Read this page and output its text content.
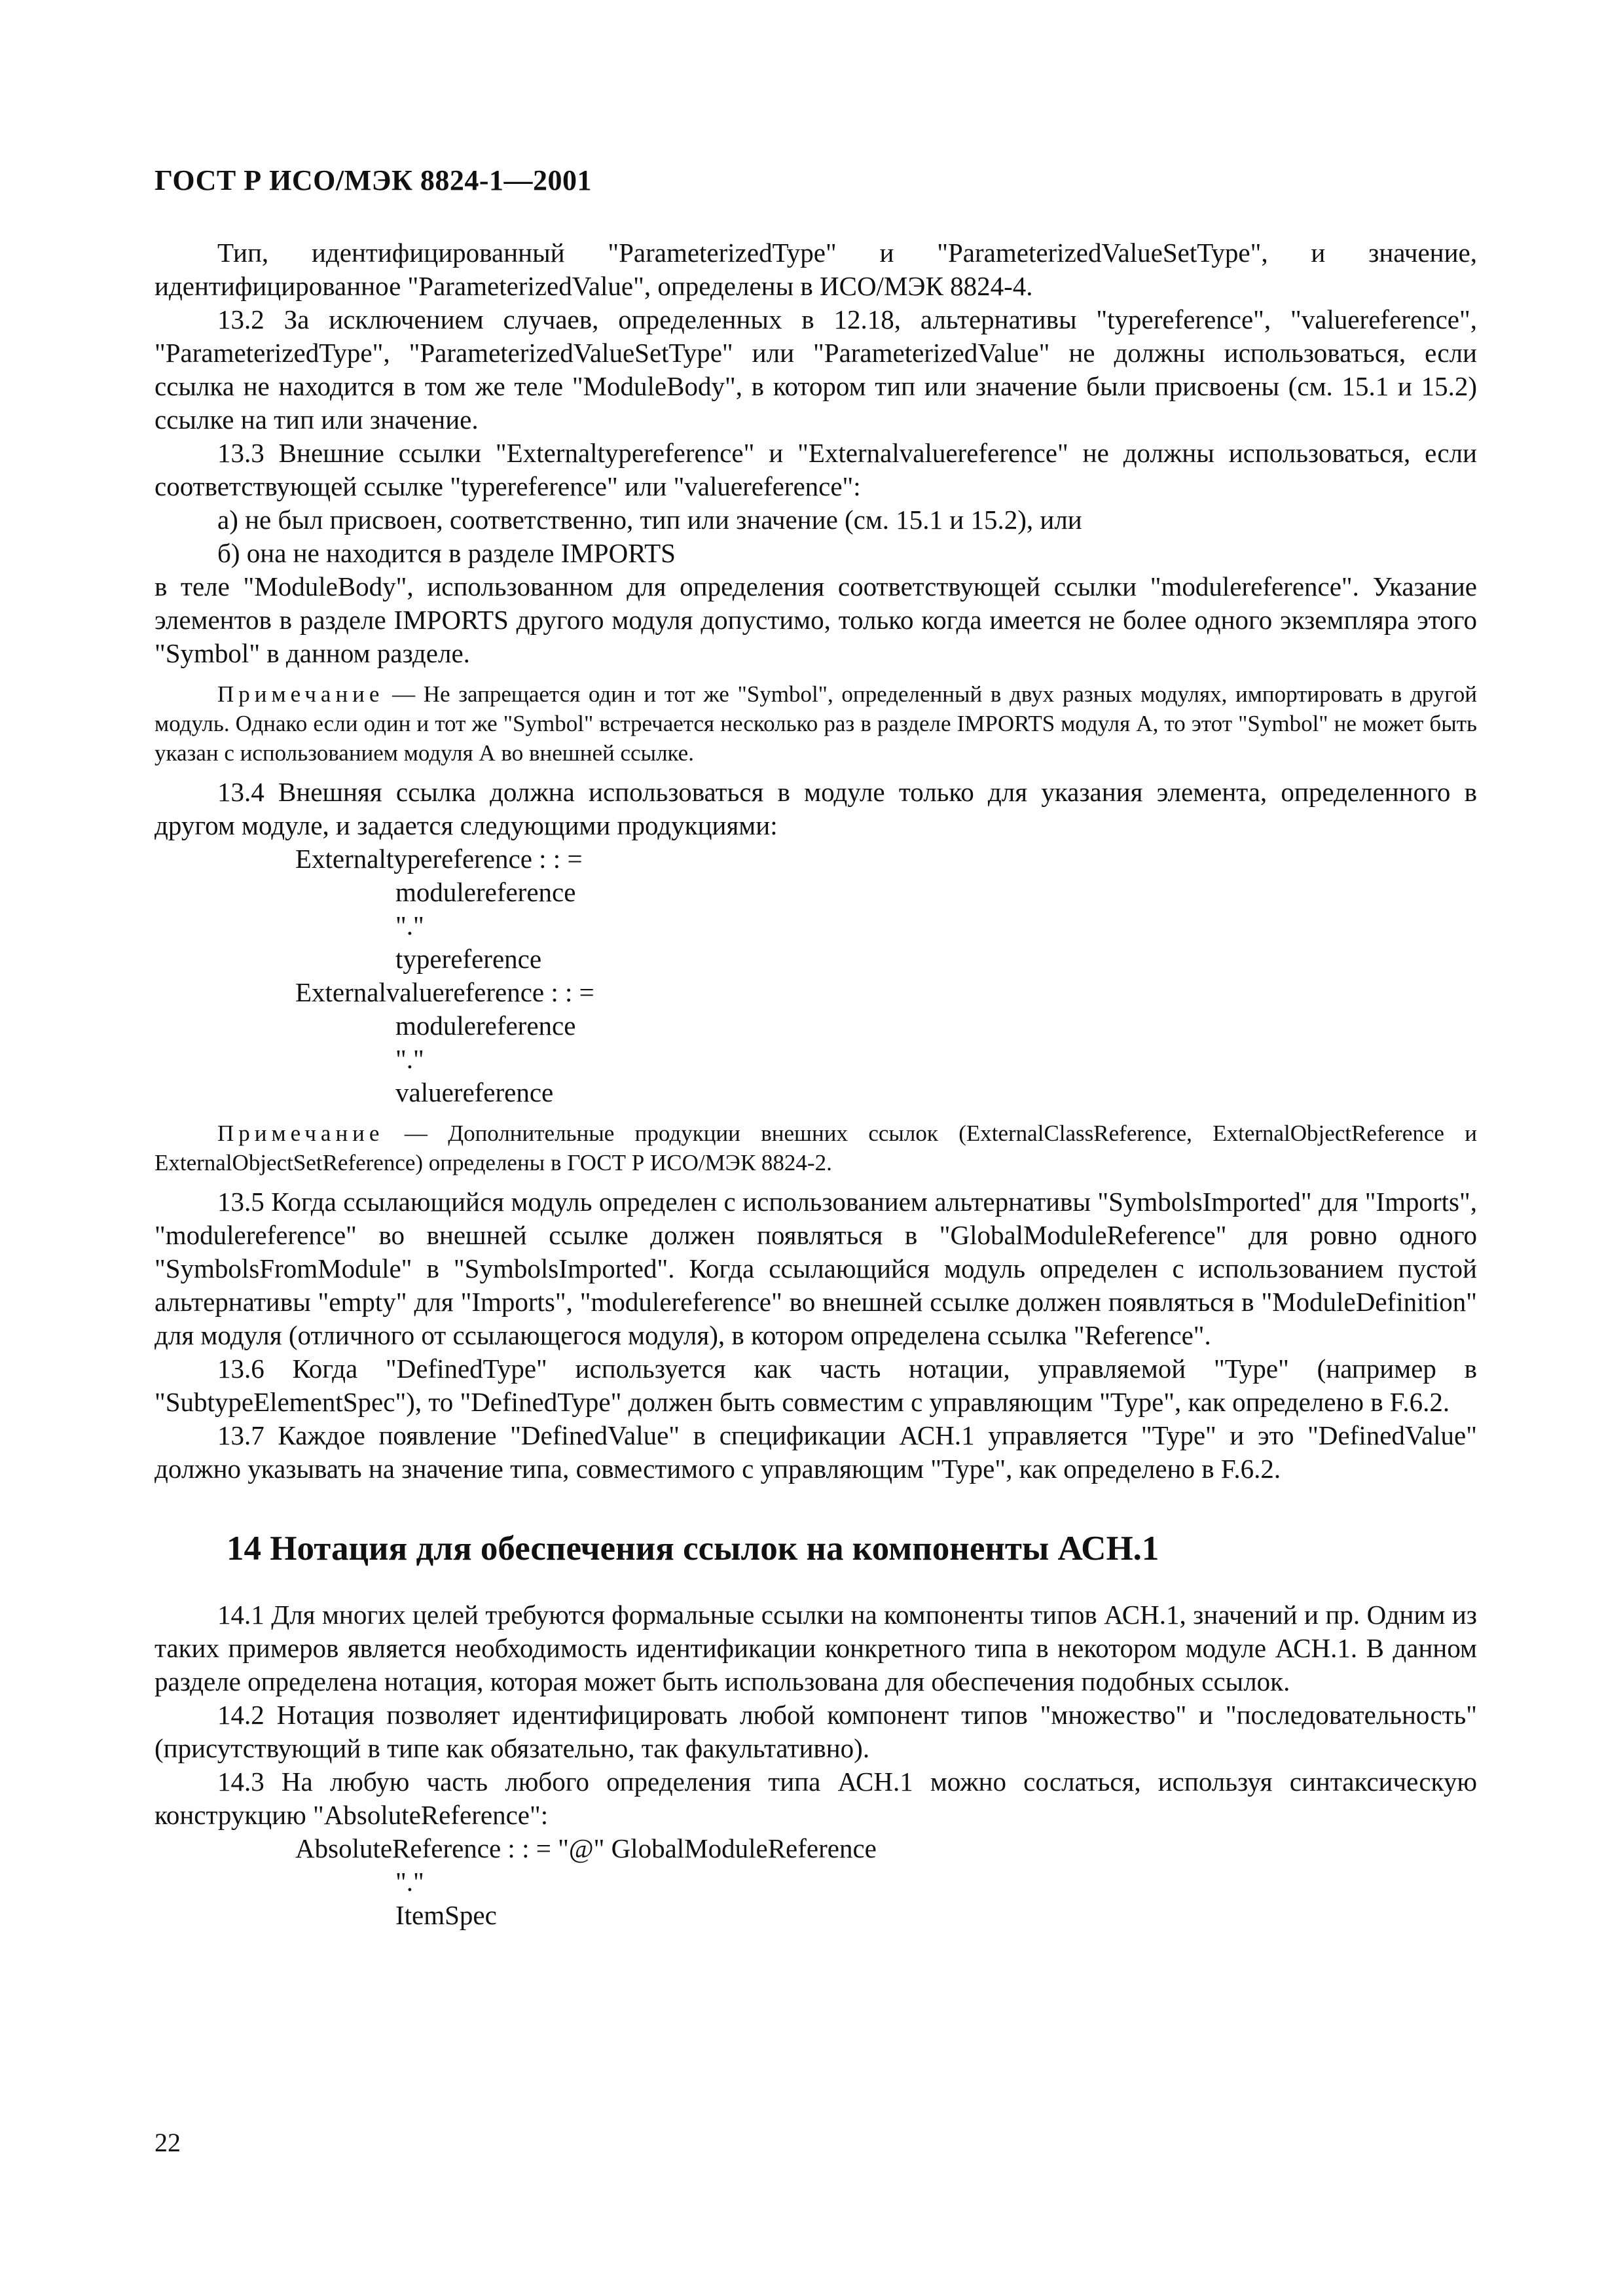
ГОСТ Р ИСО/МЭК 8824-1—2001

Тип, идентифицированный "ParameterizedType" и "ParameterizedValueSetType", и значение, идентифицированное "ParameterizedValue", определены в ИСО/МЭК 8824-4.

13.2 За исключением случаев, определенных в 12.18, альтернативы "typereference", "valuereference", "ParameterizedType", "ParameterizedValueSetType" или "ParameterizedValue" не должны использоваться, если ссылка не находится в том же теле "ModuleBody", в котором тип или значение были присвоены (см. 15.1 и 15.2) ссылке на тип или значение.

13.3 Внешние ссылки "Externaltypereference" и "Externalvaluereference" не должны использоваться, если соответствующей ссылке "typereference" или "valuereference":

а) не был присвоен, соответственно, тип или значение (см. 15.1 и 15.2), или

б) она не находится в разделе IMPORTS

в теле "ModuleBody", использованном для определения соответствующей ссылки "modulereference". Указание элементов в разделе IMPORTS другого модуля допустимо, только когда имеется не более одного экземпляра этого "Symbol" в данном разделе.

Примечание — Не запрещается один и тот же "Symbol", определенный в двух разных модулях, импортировать в другой модуль. Однако если один и тот же "Symbol" встречается несколько раз в разделе IMPORTS модуля А, то этот "Symbol" не может быть указан с использованием модуля А во внешней ссылке.

13.4 Внешняя ссылка должна использоваться в модуле только для указания элемента, определенного в другом модуле, и задается следующими продукциями:

Externaltypereference : : =
modulereference
"."
typereference
Externalvaluereference : : =
modulereference
"."
valuereference

Примечание — Дополнительные продукции внешних ссылок (ExternalClassReference, ExternalObjectReference и ExternalObjectSetReference) определены в ГОСТ Р ИСО/МЭК 8824-2.

13.5 Когда ссылающийся модуль определен с использованием альтернативы "SymbolsImported" для "Imports", "modulereference" во внешней ссылке должен появляться в "GlobalModuleReference" для ровно одного "SymbolsFromModule" в "SymbolsImported". Когда ссылающийся модуль определен с использованием пустой альтернативы "empty" для "Imports", "modulereference" во внешней ссылке должен появляться в "ModuleDefinition" для модуля (отличного от ссылающегося модуля), в котором определена ссылка "Reference".

13.6 Когда "DefinedType" используется как часть нотации, управляемой "Type" (например в "SubtypeElementSpec"), то "DefinedType" должен быть совместим с управляющим "Type", как определено в F.6.2.

13.7 Каждое появление "DefinedValue" в спецификации АСН.1 управляется "Type" и это "DefinedValue" должно указывать на значение типа, совместимого с управляющим "Type", как определено в F.6.2.

14 Нотация для обеспечения ссылок на компоненты АСН.1

14.1 Для многих целей требуются формальные ссылки на компоненты типов АСН.1, значений и пр. Одним из таких примеров является необходимость идентификации конкретного типа в некотором модуле АСН.1. В данном разделе определена нотация, которая может быть использована для обеспечения подобных ссылок.

14.2 Нотация позволяет идентифицировать любой компонент типов "множество" и "последовательность" (присутствующий в типе как обязательно, так факультативно).

14.3 На любую часть любого определения типа АСН.1 можно сослаться, используя синтаксическую конструкцию "AbsoluteReference":

AbsoluteReference : : = "@" GlobalModuleReference
"."
ItemSpec
22
